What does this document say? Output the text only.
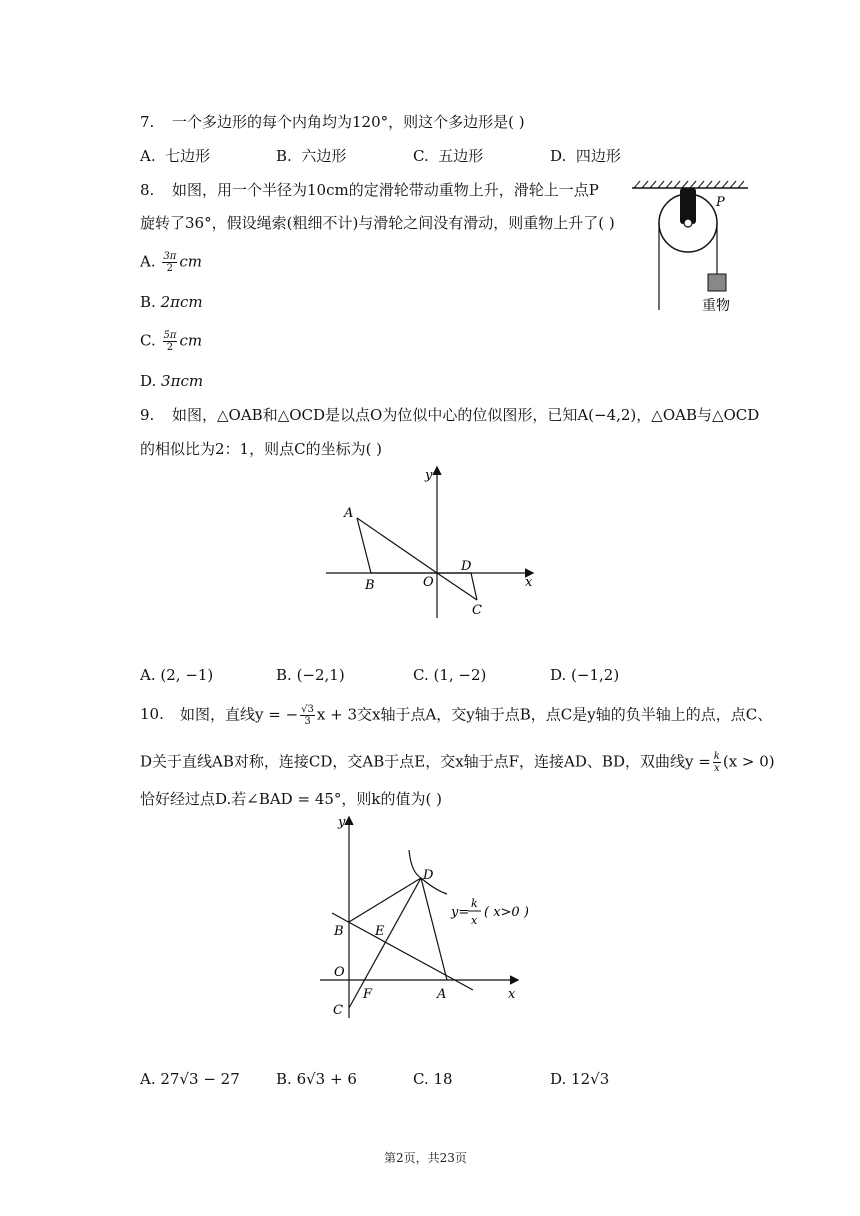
7. 一个多边形的每个内角均为120°，则这个多边形是( )
A. 七边形	B. 六边形	C. 五边形	D. 四边形
8. 如图，用一个半径为10cm的定滑轮带动重物上升，滑轮上一点P
旋转了36°，假设绳索(粗细不计)与滑轮之间没有滑动，则重物上升了( )
A. $\frac{3\pi}{2}$ cm
B. 2πcm
C. $\frac{5\pi}{2}$ cm
D. 3πcm
P
重物
9. 如图，△OAB和△OCD是以点O为位似中心的位似图形，已知A(−4,2)，△OAB与△OCD
的相似比为2：1，则点C的坐标为( )
A
B	O
D
C
x
y
A. (2, −1)	B. (−2,1)	C. (1, −2)	D. (−1,2)
10. 如图，直线y = − $\frac{√3}{3}$ x + 3交x轴于点A，交y轴于点B，点C是y轴的负半轴上的点，点C、
D关于直线AB对称，连接CD，交AB于点E，交x轴于点F，连接AD、BD，双曲线$y = \frac{k}{x} (x > 0)$
恰好经过点D.若∠BAD = 45°，则k的值为( )
y
x
O
B E
D
C
F	A
y=
k
x
( x>0 )
A. 27√3 − 27 B. 6√3 + 6	C. 18	D. 12√3
第2页，共23页
